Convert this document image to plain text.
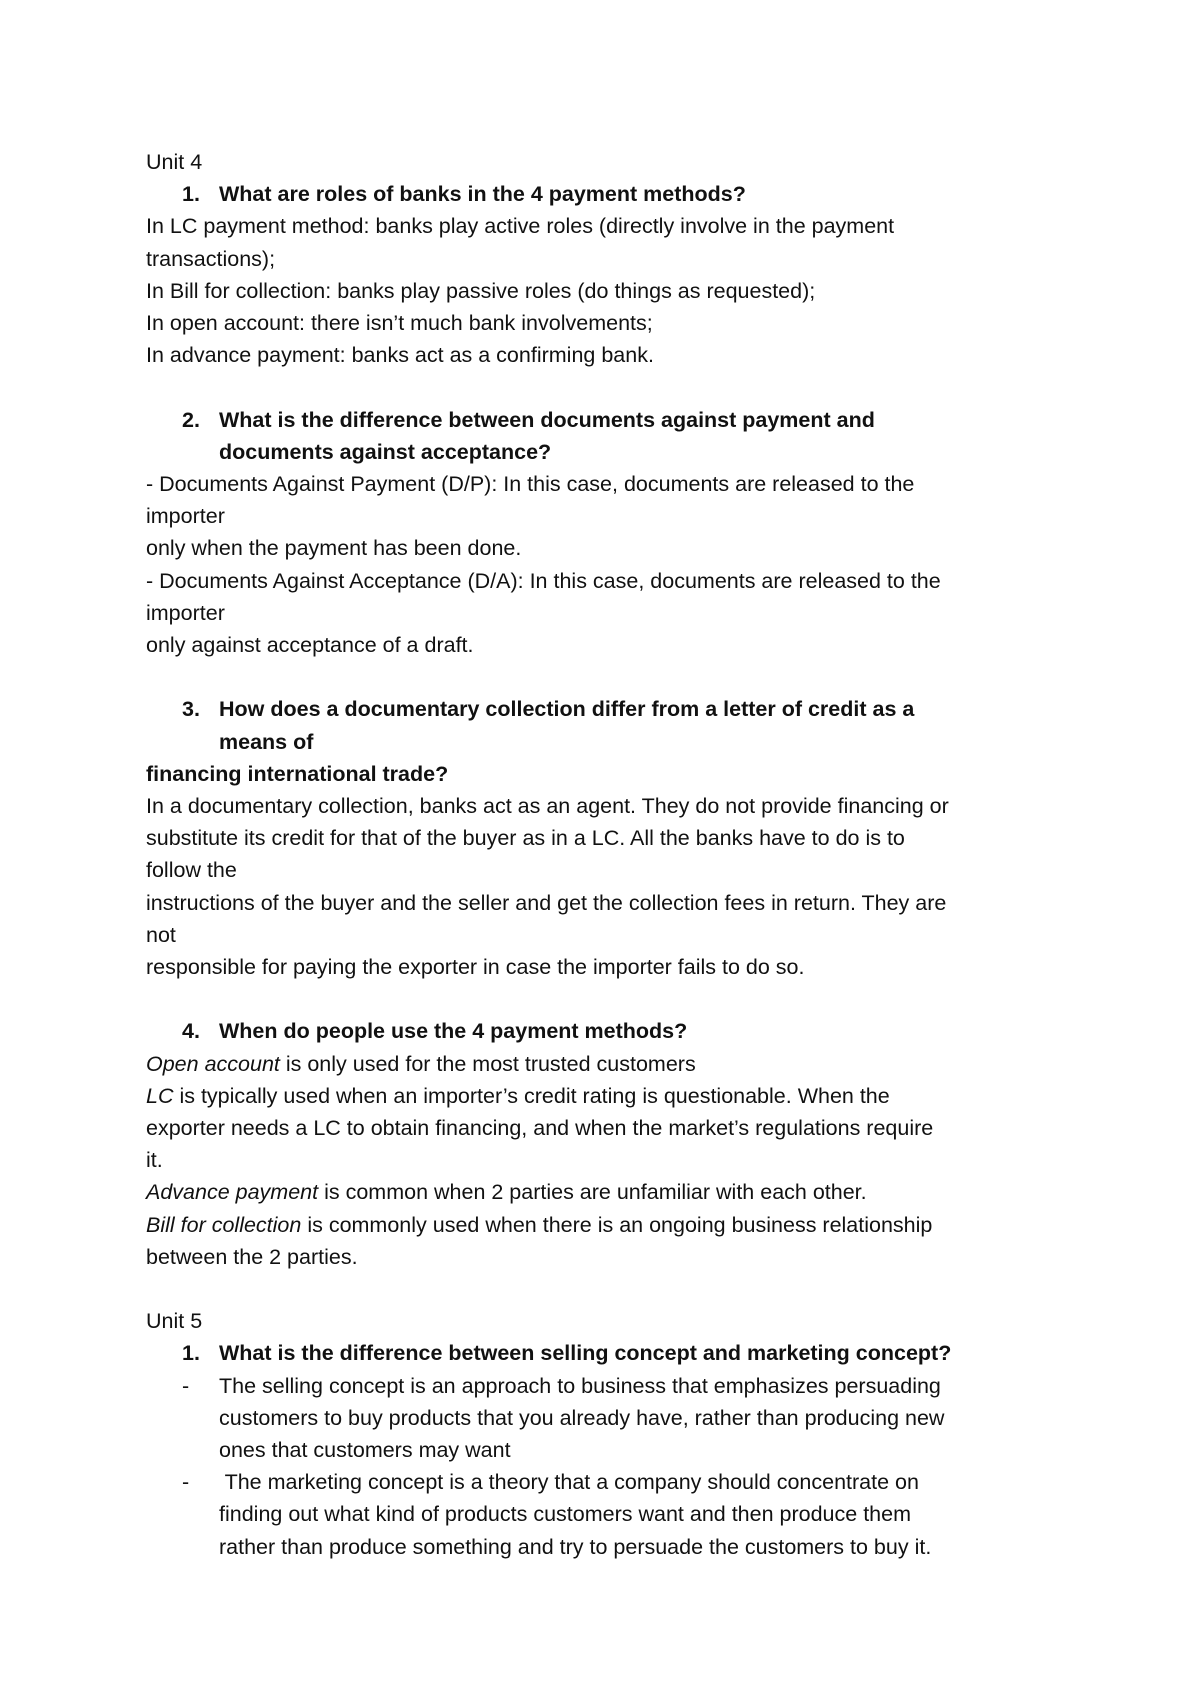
Unit 4

1. What are roles of banks in the 4 payment methods?

In LC payment method: banks play active roles (directly involve in the payment

transactions);

In Bill for collection: banks play passive roles (do things as requested);

In open account: there isn’t much bank involvements;

In advance payment: banks act as a confirming bank.

2. What is the difference between documents against payment and
documents against acceptance?

- Documents Against Payment (D/P): In this case, documents are released to the

importer

only when the payment has been done.

- Documents Against Acceptance (D/A): In this case, documents are released to the

importer

only against acceptance of a draft.

3. How does a documentary collection differ from a letter of credit as a
means of

financing international trade?

In a documentary collection, banks act as an agent. They do not provide financing or

substitute its credit for that of the buyer as in a LC. All the banks have to do is to

follow the

instructions of the buyer and the seller and get the collection fees in return. They are

not

responsible for paying the exporter in case the importer fails to do so.

4. When do people use the 4 payment methods?

Open account is only used for the most trusted customers

LC is typically used when an importer’s credit rating is questionable. When the

exporter needs a LC to obtain financing, and when the market’s regulations require

it.

Advance payment is common when 2 parties are unfamiliar with each other.

Bill for collection is commonly used when there is an ongoing business relationship

between the 2 parties.

Unit 5

1. What is the difference between selling concept and marketing concept?
- The selling concept is an approach to business that emphasizes persuading
customers to buy products that you already have, rather than producing new
ones that customers may want
- The marketing concept is a theory that a company should concentrate on
finding out what kind of products customers want and then produce them
rather than produce something and try to persuade the customers to buy it.
